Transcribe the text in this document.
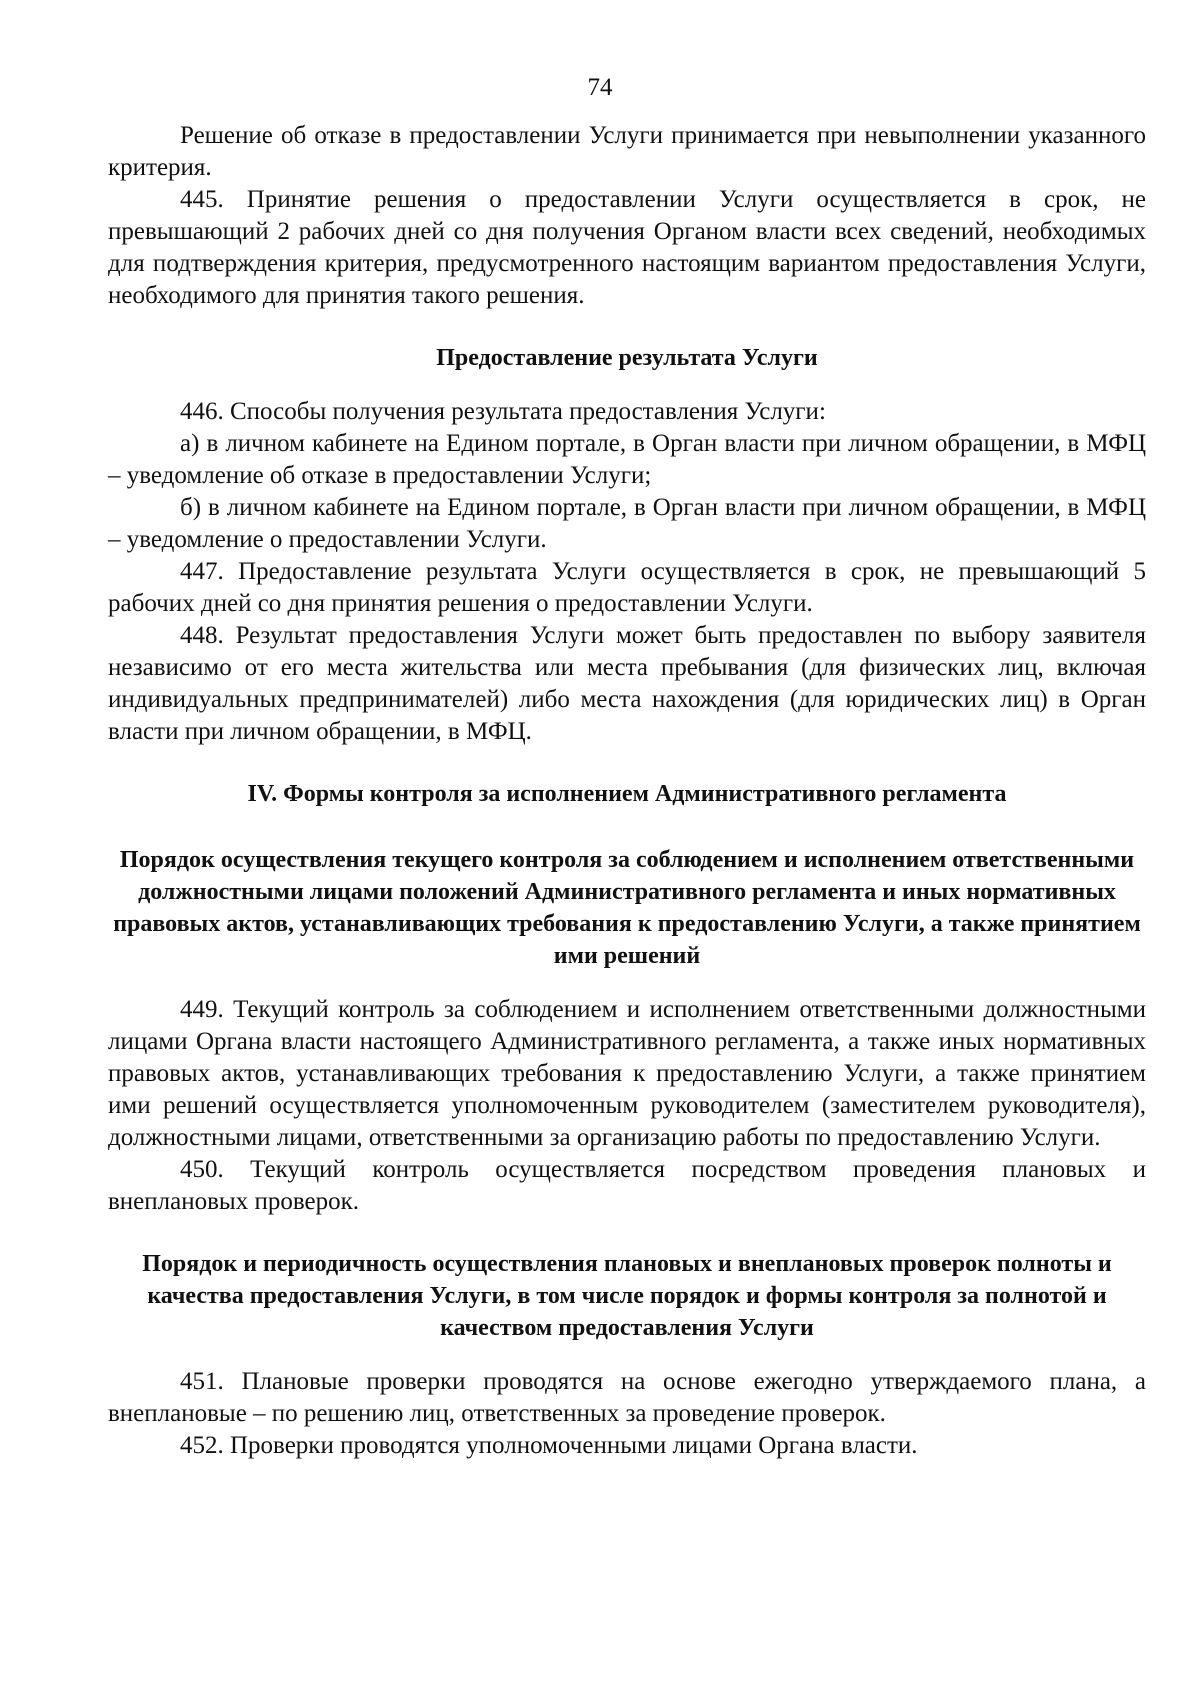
74

Решение об отказе в предоставлении Услуги принимается при невыполнении указанного критерия.

445. Принятие решения о предоставлении Услуги осуществляется в срок, не превышающий 2 рабочих дней со дня получения Органом власти всех сведений, необходимых для подтверждения критерия, предусмотренного настоящим вариантом предоставления Услуги, необходимого для принятия такого решения.

Предоставление результата Услуги

446. Способы получения результата предоставления Услуги:

а) в личном кабинете на Едином портале, в Орган власти при личном обращении, в МФЦ – уведомление об отказе в предоставлении Услуги;

б) в личном кабинете на Едином портале, в Орган власти при личном обращении, в МФЦ – уведомление о предоставлении Услуги.

447. Предоставление результата Услуги осуществляется в срок, не превышающий 5 рабочих дней со дня принятия решения о предоставлении Услуги.

448. Результат предоставления Услуги может быть предоставлен по выбору заявителя независимо от его места жительства или места пребывания (для физических лиц, включая индивидуальных предпринимателей) либо места нахождения (для юридических лиц) в Орган власти при личном обращении, в МФЦ.

IV. Формы контроля за исполнением Административного регламента
Порядок осуществления текущего контроля за соблюдением и исполнением ответственными должностными лицами положений Административного регламента и иных нормативных правовых актов, устанавливающих требования к предоставлению Услуги, а также принятием ими решений

449. Текущий контроль за соблюдением и исполнением ответственными должностными лицами Органа власти настоящего Административного регламента, а также иных нормативных правовых актов, устанавливающих требования к предоставлению Услуги, а также принятием ими решений осуществляется уполномоченным руководителем (заместителем руководителя), должностными лицами, ответственными за организацию работы по предоставлению Услуги.

450. Текущий контроль осуществляется посредством проведения плановых и внеплановых проверок.

Порядок и периодичность осуществления плановых и внеплановых проверок полноты и качества предоставления Услуги, в том числе порядок и формы контроля за полнотой и качеством предоставления Услуги

451. Плановые проверки проводятся на основе ежегодно утверждаемого плана, а внеплановые – по решению лиц, ответственных за проведение проверок.

452. Проверки проводятся уполномоченными лицами Органа власти.
